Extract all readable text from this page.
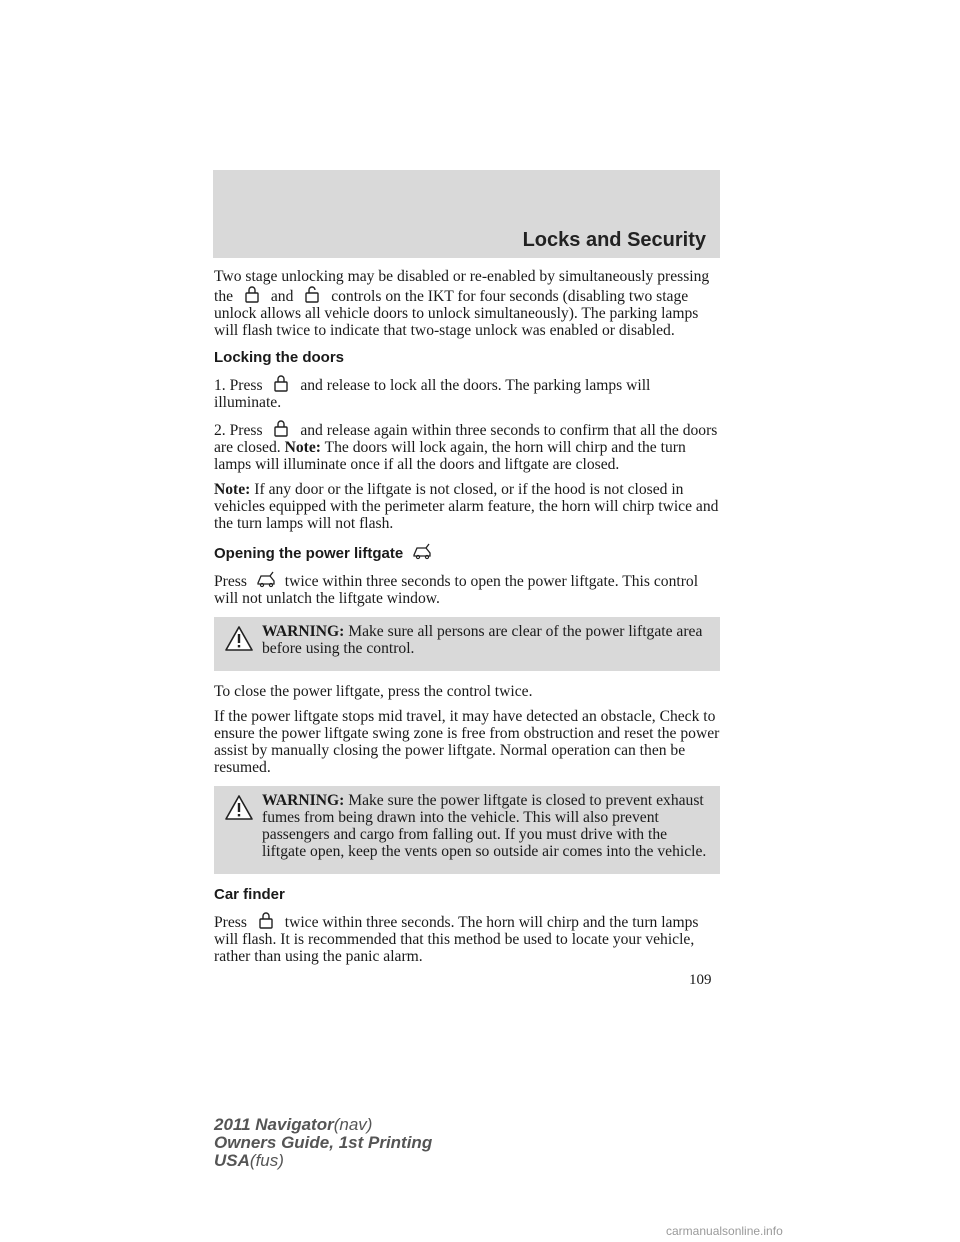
Locks and Security

Two stage unlocking may be disabled or re-enabled by simultaneously pressing the and controls on the IKT for four seconds (disabling two stage unlock allows all vehicle doors to unlock simultaneously). The parking lamps will flash twice to indicate that two-stage unlock was enabled or disabled.

Locking the doors

1. Press and release to lock all the doors. The parking lamps will illuminate.

2. Press and release again within three seconds to confirm that all the doors are closed. Note: The doors will lock again, the horn will chirp and the turn lamps will illuminate once if all the doors and liftgate are closed.

Note: If any door or the liftgate is not closed, or if the hood is not closed in vehicles equipped with the perimeter alarm feature, the horn will chirp twice and the turn lamps will not flash.

Opening the power liftgate

Press twice within three seconds to open the power liftgate. This control will not unlatch the liftgate window.

WARNING: Make sure all persons are clear of the power liftgate area before using the control.

To close the power liftgate, press the control twice.

If the power liftgate stops mid travel, it may have detected an obstacle, Check to ensure the power liftgate swing zone is free from obstruction and reset the power assist by manually closing the power liftgate. Normal operation can then be resumed.

WARNING: Make sure the power liftgate is closed to prevent exhaust fumes from being drawn into the vehicle. This will also prevent passengers and cargo from falling out. If you must drive with the liftgate open, keep the vents open so outside air comes into the vehicle.
Car finder

Press twice within three seconds. The horn will chirp and the turn lamps will flash. It is recommended that this method be used to locate your vehicle, rather than using the panic alarm.

109
2011 Navigator(nav)
Owners Guide, 1st Printing
USA(fus)
carmanualsonline.info
